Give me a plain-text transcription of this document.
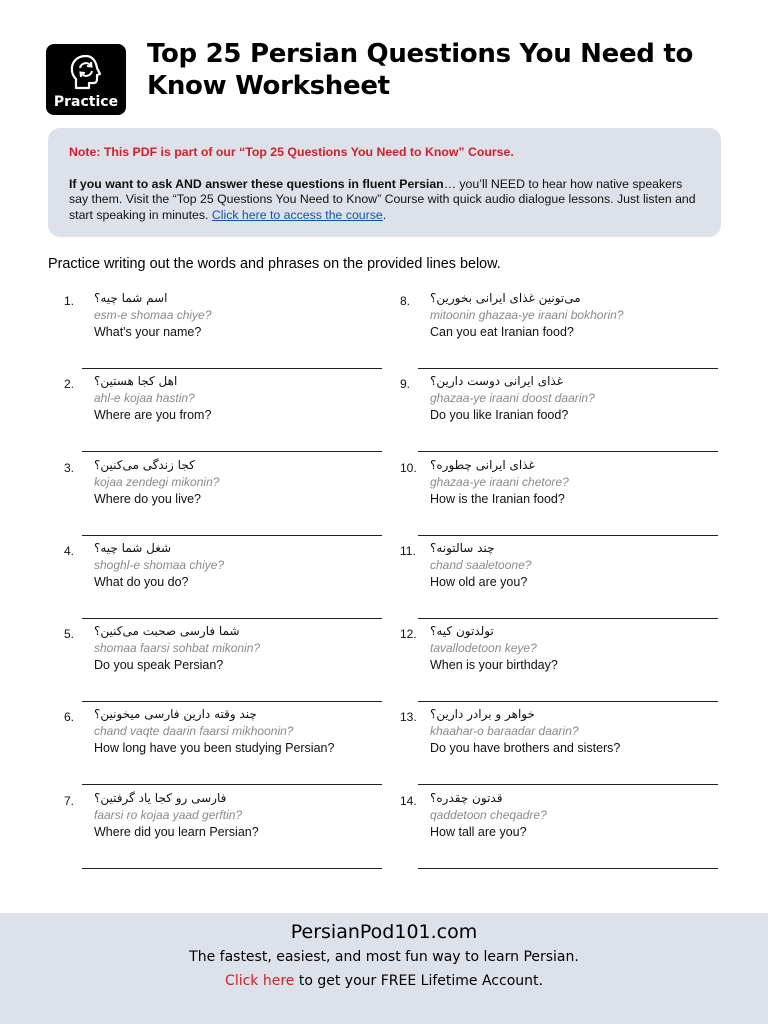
Practice
Top 25 Persian Questions You Need to Know Worksheet

Note: This PDF is part of our “Top 25 Questions You Need to Know” Course.

If you want to ask AND answer these questions in fluent Persian… you’ll NEED to hear how native speakers say them. Visit the “Top 25 Questions You Need to Know” Course with quick audio dialogue lessons. Just listen and start speaking in minutes. Click here to access the course.

Practice writing out the words and phrases on the provided lines below.

1. اسم شما چیه؟
esm-e shomaa chiye?
What's your name?
2. اهل کجا هستین؟
ahl-e kojaa hastin?
Where are you from?
3. کجا زندگی می‌کنین؟
kojaa zendegi mikonin?
Where do you live?
4. شغل شما چیه؟
shoghl-e shomaa chiye?
What do you do?
5. شما فارسی صحبت می‌کنین؟
shomaa faarsi sohbat mikonin?
Do you speak Persian?
6. چند وقته دارین فارسی میخونین؟
chand vaqte daarin faarsi mikhoonin?
How long have you been studying Persian?
7. فارسی رو کجا یاد گرفتین؟
faarsi ro kojaa yaad gerftin?
Where did you learn Persian?
8. می‌تونین غذای ایرانی بخورین؟
mitoonin ghazaa-ye iraani bokhorin?
Can you eat Iranian food?
9. غذای ایرانی دوست دارین؟
ghazaa-ye iraani doost daarin?
Do you like Iranian food?
10. غذای ایرانی چطوره؟
ghazaa-ye iraani chetore?
How is the Iranian food?
11. چند سالتونه؟
chand saaletoone?
How old are you?
12. تولدتون کیه؟
tavallodetoon keye?
When is your birthday?
13. خواهر و برادر دارین؟
khaahar-o baraadar daarin?
Do you have brothers and sisters?
14. قدتون چقدره؟
qaddetoon cheqadre?
How tall are you?
PersianPod101.com
The fastest, easiest, and most fun way to learn Persian.
Click here to get your FREE Lifetime Account.
